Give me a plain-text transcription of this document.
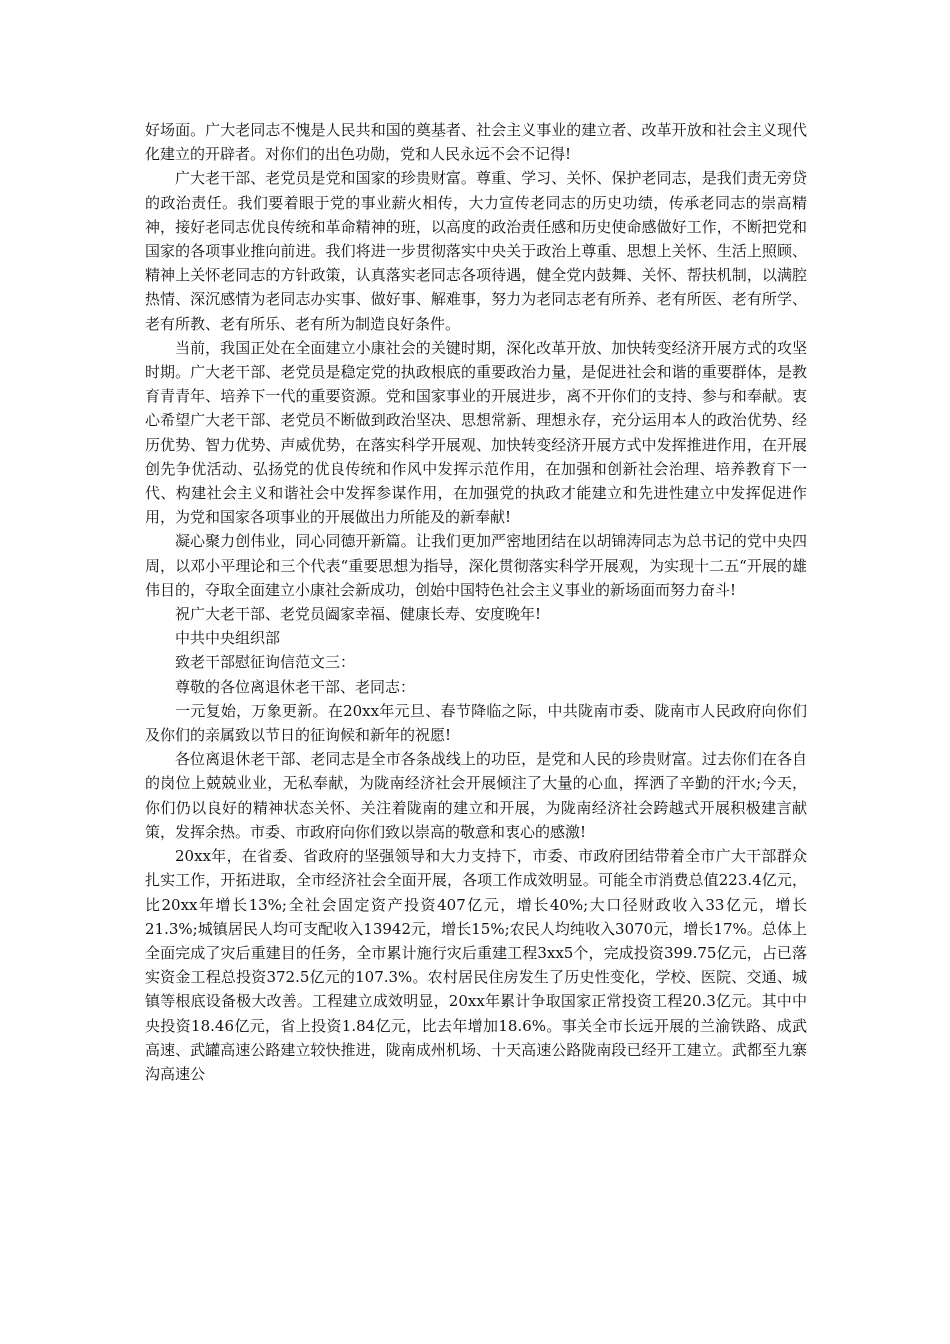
好场面。广大老同志不愧是人民共和国的奠基者、社会主义事业的建立者、改革开放和社会主义现代化建立的开辟者。对你们的出色功勋，党和人民永远不会不记得!

广大老干部、老党员是党和国家的珍贵财富。尊重、学习、关怀、保护老同志，是我们责无旁贷的政治责任。我们要着眼于党的事业薪火相传，大力宣传老同志的历史功绩，传承老同志的崇高精神，接好老同志优良传统和革命精神的班，以高度的政治责任感和历史使命感做好工作，不断把党和国家的各项事业推向前进。我们将进一步贯彻落实中央关于政治上尊重、思想上关怀、生活上照顾、精神上关怀老同志的方针政策，认真落实老同志各项待遇，健全党内鼓舞、关怀、帮扶机制，以满腔热情、深沉感情为老同志办实事、做好事、解难事，努力为老同志老有所养、老有所医、老有所学、老有所教、老有所乐、老有所为制造良好条件。

当前，我国正处在全面建立小康社会的关键时期，深化改革开放、加快转变经济开展方式的攻坚时期。广大老干部、老党员是稳定党的执政根底的重要政治力量，是促进社会和谐的重要群体，是教育青青年、培养下一代的重要资源。党和国家事业的开展进步，离不开你们的支持、参与和奉献。衷心希望广大老干部、老党员不断做到政治坚决、思想常新、理想永存，充分运用本人的政治优势、经历优势、智力优势、声威优势，在落实科学开展观、加快转变经济开展方式中发挥推进作用，在开展创先争优活动、弘扬党的优良传统和作风中发挥示范作用，在加强和创新社会治理、培养教育下一代、构建社会主义和谐社会中发挥参谋作用，在加强党的执政才能建立和先进性建立中发挥促进作用，为党和国家各项事业的开展做出力所能及的新奉献!

凝心聚力创伟业，同心同德开新篇。让我们更加严密地团结在以胡锦涛同志为总书记的党中央四周，以邓小平理论和三个代表“重要思想为指导，深化贯彻落实科学开展观，为实现十二五“开展的雄伟目的，夺取全面建立小康社会新成功，创始中国特色社会主义事业的新场面而努力奋斗!

祝广大老干部、老党员阖家幸福、健康长寿、安度晚年!

中共中央组织部

致老干部慰征询信范文三：

尊敬的各位离退休老干部、老同志：

一元复始，万象更新。在20xx年元旦、春节降临之际，中共陇南市委、陇南市人民政府向你们及你们的亲属致以节日的征询候和新年的祝愿!

各位离退休老干部、老同志是全市各条战线上的功臣，是党和人民的珍贵财富。过去你们在各自的岗位上兢兢业业，无私奉献，为陇南经济社会开展倾注了大量的心血，挥洒了辛勤的汗水;今天，你们仍以良好的精神状态关怀、关注着陇南的建立和开展，为陇南经济社会跨越式开展积极建言献策，发挥余热。市委、市政府向你们致以崇高的敬意和衷心的感激!

20xx年，在省委、省政府的坚强领导和大力支持下，市委、市政府团结带着全市广大干部群众扎实工作，开拓进取，全市经济社会全面开展，各项工作成效明显。可能全市消费总值223.4亿元，比20xx年增长13%;全社会固定资产投资407亿元，增长40%;大口径财政收入33亿元，增长21.3%;城镇居民人均可支配收入13942元，增长15%;农民人均纯收入3070元，增长17%。总体上全面完成了灾后重建目的任务，全市累计施行灾后重建工程3xx5个，完成投资399.75亿元，占已落实资金工程总投资372.5亿元的107.3%。农村居民住房发生了历史性变化，学校、医院、交通、城镇等根底设备极大改善。工程建立成效明显，20xx年累计争取国家正常投资工程20.3亿元。其中中央投资18.46亿元，省上投资1.84亿元，比去年增加18.6%。事关全市长远开展的兰渝铁路、成武高速、武罐高速公路建立较快推进，陇南成州机场、十天高速公路陇南段已经开工建立。武都至九寨沟高速公
